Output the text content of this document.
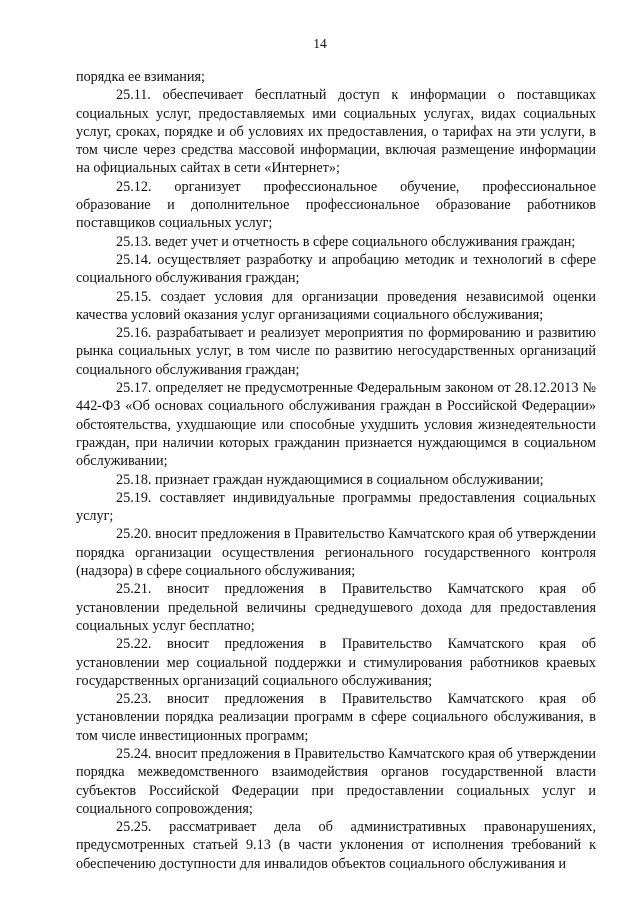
14

порядка ее взимания;

25.11. обеспечивает бесплатный доступ к информации о поставщиках социальных услуг, предоставляемых ими социальных услугах, видах социальных услуг, сроках, порядке и об условиях их предоставления, о тарифах на эти услуги, в том числе через средства массовой информации, включая размещение информации на официальных сайтах в сети «Интернет»;

25.12. организует профессиональное обучение, профессиональное образование и дополнительное профессиональное образование работников поставщиков социальных услуг;

25.13. ведет учет и отчетность в сфере социального обслуживания граждан;

25.14. осуществляет разработку и апробацию методик и технологий в сфере социального обслуживания граждан;

25.15. создает условия для организации проведения независимой оценки качества условий оказания услуг организациями социального обслуживания;

25.16. разрабатывает и реализует мероприятия по формированию и развитию рынка социальных услуг, в том числе по развитию негосударственных организаций социального обслуживания граждан;

25.17. определяет не предусмотренные Федеральным законом от 28.12.2013 № 442-ФЗ «Об основах социального обслуживания граждан в Российской Федерации» обстоятельства, ухудшающие или способные ухудшить условия жизнедеятельности граждан, при наличии которых гражданин признается нуждающимся в социальном обслуживании;

25.18. признает граждан нуждающимися в социальном обслуживании;

25.19. составляет индивидуальные программы предоставления социальных услуг;

25.20. вносит предложения в Правительство Камчатского края об утверждении порядка организации осуществления регионального государственного контроля (надзора) в сфере социального обслуживания;

25.21. вносит предложения в Правительство Камчатского края об установлении предельной величины среднедушевого дохода для предоставления социальных услуг бесплатно;

25.22. вносит предложения в Правительство Камчатского края об установлении мер социальной поддержки и стимулирования работников краевых государственных организаций социального обслуживания;

25.23. вносит предложения в Правительство Камчатского края об установлении порядка реализации программ в сфере социального обслуживания, в том числе инвестиционных программ;

25.24. вносит предложения в Правительство Камчатского края об утверждении порядка межведомственного взаимодействия органов государственной власти субъектов Российской Федерации при предоставлении социальных услуг и социального сопровождения;

25.25. рассматривает дела об административных правонарушениях, предусмотренных статьей 9.13 (в части уклонения от исполнения требований к обеспечению доступности для инвалидов объектов социального обслуживания и
